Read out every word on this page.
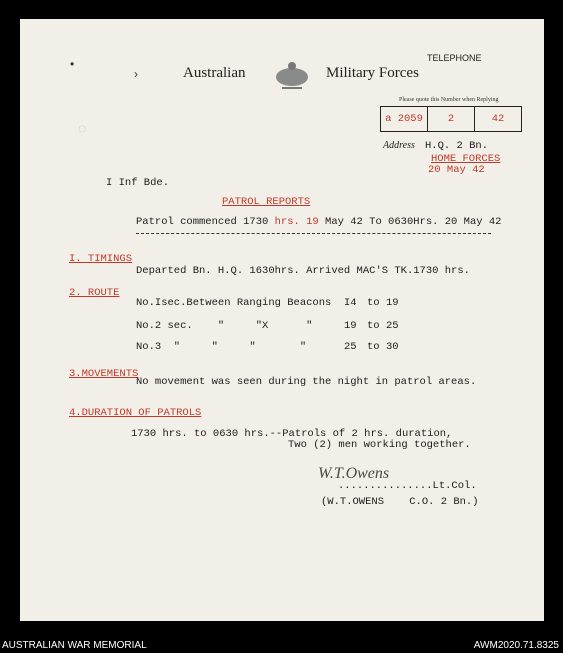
TELEPHONE
Australian	Military Forces
•
›
◌
Please quote this Number when Replying
a 2059	2	42
Address H.Q. 2 Bn.
HOME FORCES
20 May 42
I Inf Bde.
PATROL REPORTS
Patrol commenced 1730 hrs. 19 May 42 To 0630Hrs. 20 May 42
I. TIMINGS
Departed Bn. H.Q. 1630hrs. Arrived MAC'S TK.1730 hrs.
2. ROUTE
No.Isec.Between Ranging Beacons I4 to 19
No.2 sec.    "     "X      "	19 to 25
No.3  "     "     "       "	25 to 30
3.MOVEMENTS
No movement was seen during the night in patrol areas.
4.DURATION OF PATROLS
1730 hrs. to 0630 hrs.--Patrols of 2 hrs. duration,
Two (2) men working together.
W.T.Owens
...............Lt.Col.
(W.T.OWENS    C.O. 2 Bn.)
AUSTRALIAN WAR MEMORIAL	AWM2020.71.8325
